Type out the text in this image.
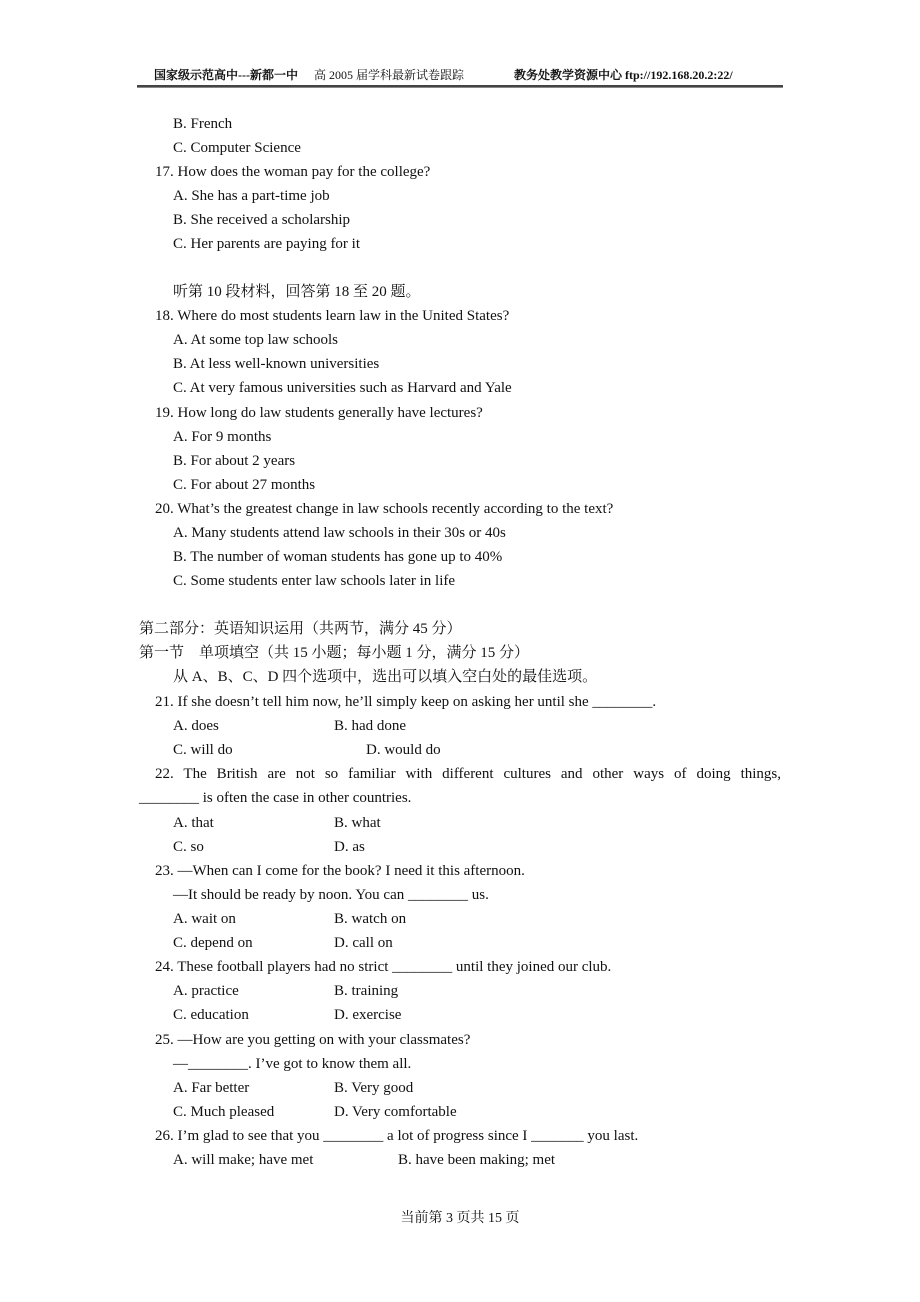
国家级示范高中---新都一中 高 2005 届学科最新试卷跟踪	教务处教学资源中心 ftp://192.168.20.2:22/
B. French
C. Computer Science
17. How does the woman pay for the college?
A. She has a part-time job
B. She received a scholarship
C. Her parents are paying for it
听第 10 段材料，回答第 18 至 20 题。
18. Where do most students learn law in the United States?
A. At some top law schools
B. At less well-known universities
C. At very famous universities such as Harvard and Yale
19. How long do law students generally have lectures?
A. For 9 months
B. For about 2 years
C. For about 27 months
20. What’s the greatest change in law schools recently according to the text?
A. Many students attend law schools in their 30s or 40s
B. The number of woman students has gone up to 40%
C. Some students enter law schools later in life
第二部分：英语知识运用（共两节，满分 45 分）
第一节　单项填空（共 15 小题；每小题 1 分，满分 15 分）
从 A、B、C、D 四个选项中，选出可以填入空白处的最佳选项。
21. If she doesn’t tell him now, he’ll simply keep on asking her until she ________.
A. does	B. had done
C. will do	D. would do
22. The British are not so familiar with different cultures and other ways of doing things,
________ is often the case in other countries.
A. that	B. what
C. so	D. as
23. —When can I come for the book? I need it this afternoon.
—It should be ready by noon. You can ________ us.
A. wait on	B. watch on
C. depend on	D. call on
24. These football players had no strict ________ until they joined our club.
A. practice	B. training
C. education	D. exercise
25. —How are you getting on with your classmates?
—________. I’ve got to know them all.
A. Far better	B. Very good
C. Much pleased	D. Very comfortable
26. I’m glad to see that you ________ a lot of progress since I _______ you last.
A. will make; have met	B. have been making; met
当前第 3 页共 15 页
